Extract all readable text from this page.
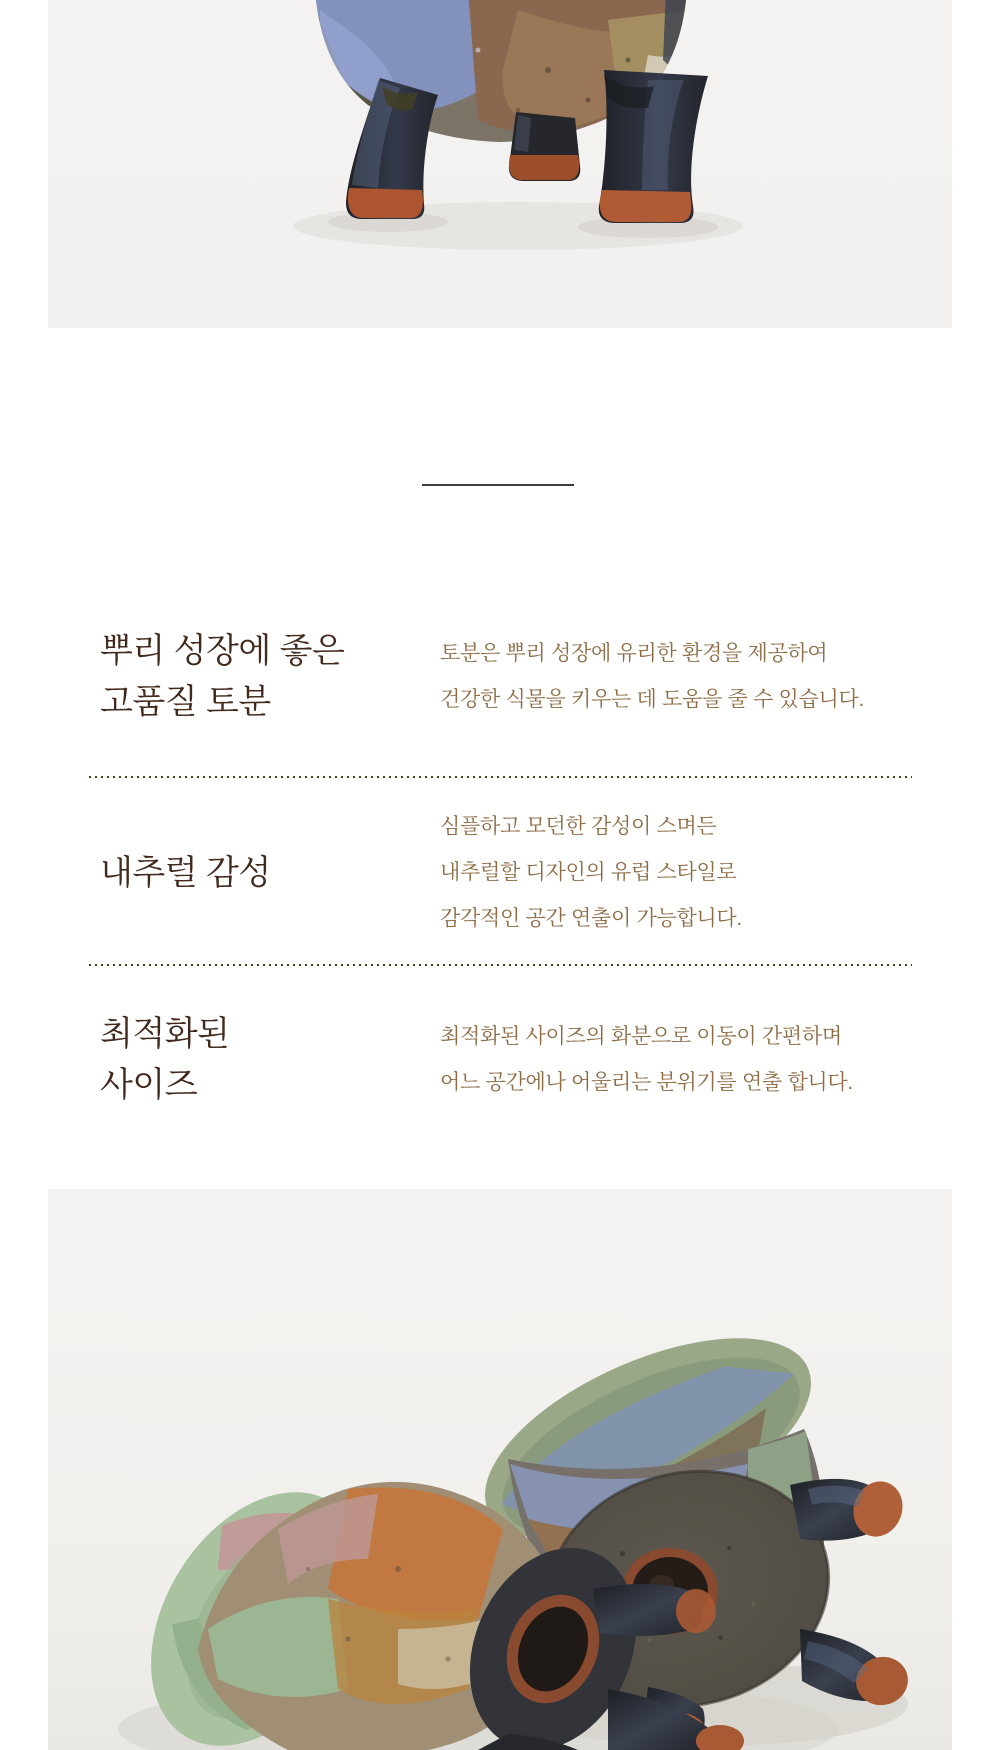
뿌리 성장에 좋은
고품질 토분
토분은 뿌리 성장에 유리한 환경을 제공하여
건강한 식물을 키우는 데 도움을 줄 수 있습니다.
내추럴 감성
심플하고 모던한 감성이 스며든
내추럴할 디자인의 유럽 스타일로
감각적인 공간 연출이 가능합니다.
최적화된
사이즈
최적화된 사이즈의 화분으로 이동이 간편하며
어느 공간에나 어울리는 분위기를 연출 합니다.
